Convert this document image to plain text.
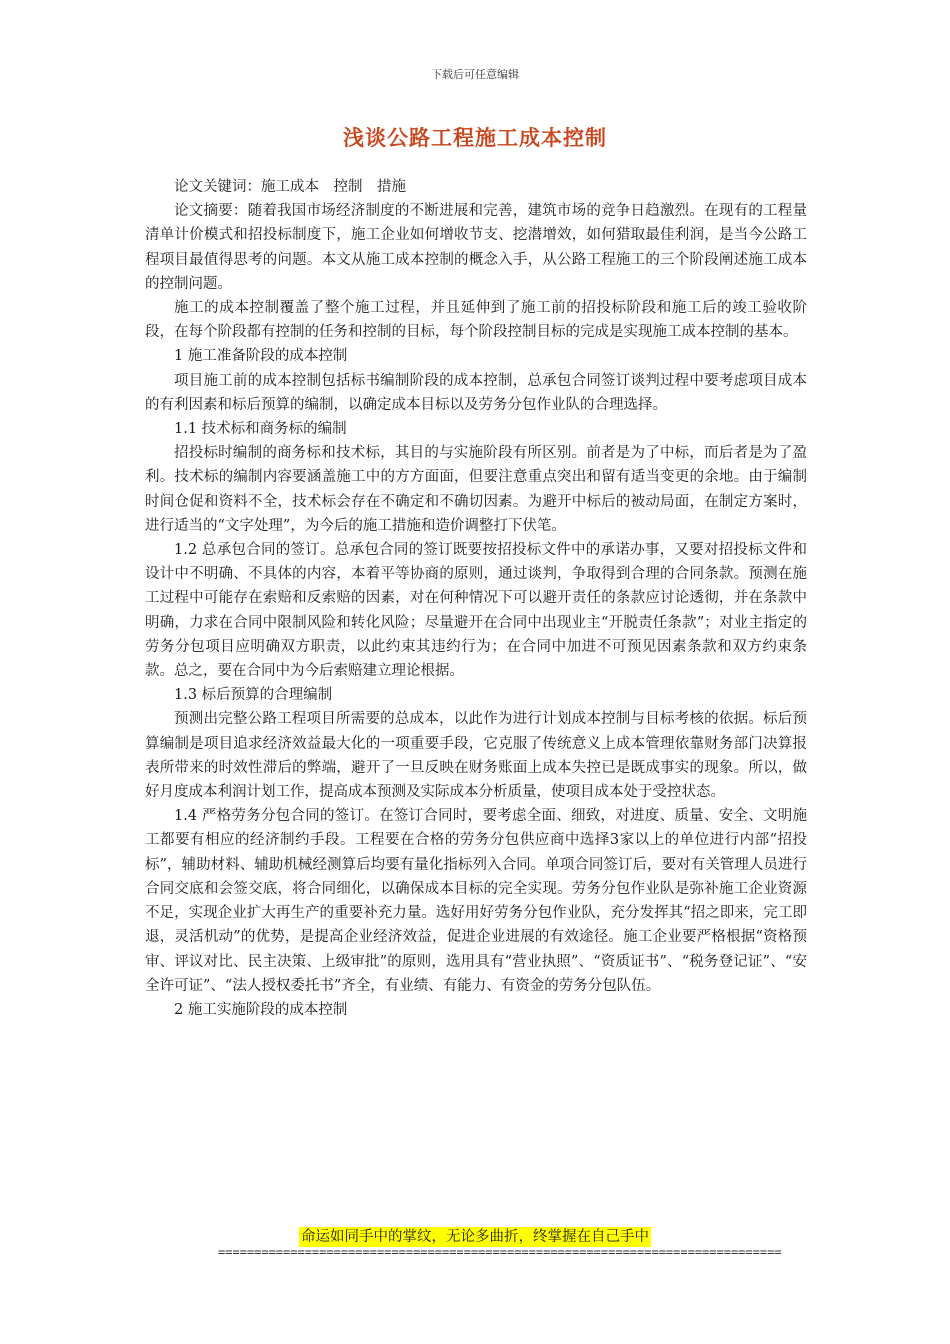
下载后可任意编辑
浅谈公路工程施工成本控制

论文关键词：施工成本　控制　措施

论文摘要：随着我国市场经济制度的不断进展和完善，建筑市场的竞争日趋激烈。在现有的工程量清单计价模式和招投标制度下，施工企业如何增收节支、挖潜增效，如何猎取最佳利润，是当今公路工程项目最值得思考的问题。本文从施工成本控制的概念入手，从公路工程施工的三个阶段阐述施工成本的控制问题。

施工的成本控制覆盖了整个施工过程，并且延伸到了施工前的招投标阶段和施工后的竣工验收阶段，在每个阶段都有控制的任务和控制的目标，每个阶段控制目标的完成是实现施工成本控制的基本。

1 施工准备阶段的成本控制

项目施工前的成本控制包括标书编制阶段的成本控制，总承包合同签订谈判过程中要考虑项目成本的有利因素和标后预算的编制，以确定成本目标以及劳务分包作业队的合理选择。

1.1 技术标和商务标的编制

招投标时编制的商务标和技术标，其目的与实施阶段有所区别。前者是为了中标，而后者是为了盈利。技术标的编制内容要涵盖施工中的方方面面，但要注意重点突出和留有适当变更的余地。由于编制时间仓促和资料不全，技术标会存在不确定和不确切因素。为避开中标后的被动局面，在制定方案时，进行适当的“文字处理”，为今后的施工措施和造价调整打下伏笔。

1.2 总承包合同的签订。总承包合同的签订既要按招投标文件中的承诺办事，又要对招投标文件和设计中不明确、不具体的内容，本着平等协商的原则，通过谈判，争取得到合理的合同条款。预测在施工过程中可能存在索赔和反索赔的因素，对在何种情况下可以避开责任的条款应讨论透彻，并在条款中明确，力求在合同中限制风险和转化风险；尽量避开在合同中出现业主“开脱责任条款”；对业主指定的劳务分包项目应明确双方职责，以此约束其违约行为；在合同中加进不可预见因素条款和双方约束条款。总之，要在合同中为今后索赔建立理论根据。

1.3 标后预算的合理编制

预测出完整公路工程项目所需要的总成本，以此作为进行计划成本控制与目标考核的依据。标后预算编制是项目追求经济效益最大化的一项重要手段，它克服了传统意义上成本管理依靠财务部门决算报表所带来的时效性滞后的弊端，避开了一旦反映在财务账面上成本失控已是既成事实的现象。所以，做好月度成本利润计划工作，提高成本预测及实际成本分析质量，使项目成本处于受控状态。

1.4 严格劳务分包合同的签订。在签订合同时，要考虑全面、细致，对进度、质量、安全、文明施工都要有相应的经济制约手段。工程要在合格的劳务分包供应商中选择3家以上的单位进行内部“招投标”，辅助材料、辅助机械经测算后均要有量化指标列入合同。单项合同签订后，要对有关管理人员进行合同交底和会签交底，将合同细化，以确保成本目标的完全实现。劳务分包作业队是弥补施工企业资源不足，实现企业扩大再生产的重要补充力量。选好用好劳务分包作业队，充分发挥其“招之即来，完工即退，灵活机动”的优势，是提高企业经济效益，促进企业进展的有效途径。施工企业要严格根据“资格预审、评议对比、民主决策、上级审批”的原则，选用具有“营业执照”、“资质证书”、“税务登记证”、“安全许可证”、“法人授权委托书”齐全，有业绩、有能力、有资金的劳务分包队伍。

2 施工实施阶段的成本控制

命运如同手中的掌纹，无论多曲折，终掌握在自己手中
==============================================================================
